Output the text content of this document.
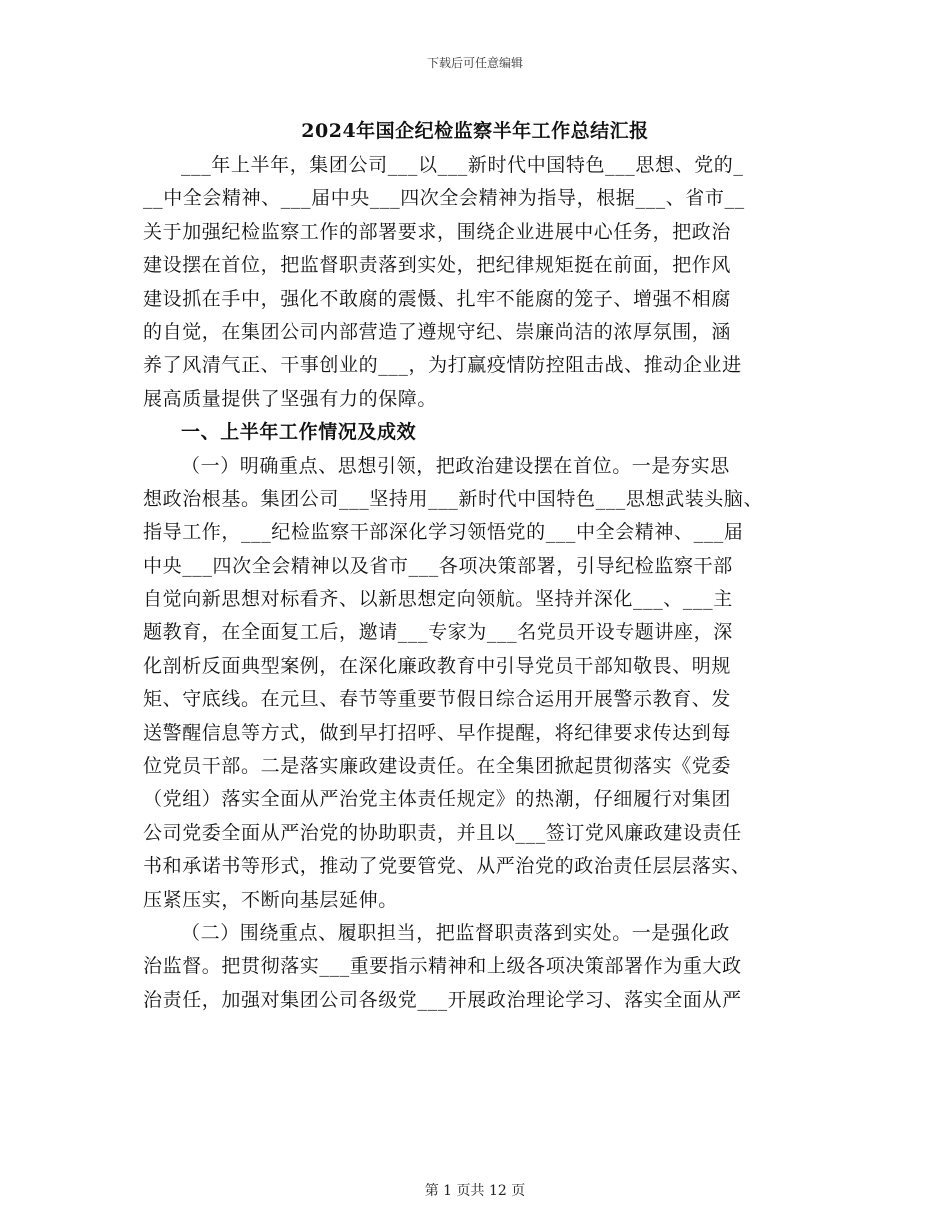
下载后可任意编辑
2024年国企纪检监察半年工作总结汇报
___年上半年，集团公司___以___新时代中国特色___思想、党的_
__中全会精神、___届中央___四次全会精神为指导，根据___、省市__
关于加强纪检监察工作的部署要求，围绕企业进展中心任务，把政治
建设摆在首位，把监督职责落到实处，把纪律规矩挺在前面，把作风
建设抓在手中，强化不敢腐的震慑、扎牢不能腐的笼子、增强不相腐
的自觉，在集团公司内部营造了遵规守纪、崇廉尚洁的浓厚氛围，涵
养了风清气正、干事创业的___，为打赢疫情防控阻击战、推动企业进
展高质量提供了坚强有力的保障。
一、上半年工作情况及成效
（一）明确重点、思想引领，把政治建设摆在首位。一是夯实思
想政治根基。集团公司___坚持用___新时代中国特色___思想武装头脑、
指导工作，___纪检监察干部深化学习领悟党的___中全会精神、___届
中央___四次全会精神以及省市___各项决策部署，引导纪检监察干部
自觉向新思想对标看齐、以新思想定向领航。坚持并深化___、___主
题教育，在全面复工后，邀请___专家为___名党员开设专题讲座，深
化剖析反面典型案例，在深化廉政教育中引导党员干部知敬畏、明规
矩、守底线。在元旦、春节等重要节假日综合运用开展警示教育、发
送警醒信息等方式，做到早打招呼、早作提醒，将纪律要求传达到每
位党员干部。二是落实廉政建设责任。在全集团掀起贯彻落实《党委
（党组）落实全面从严治党主体责任规定》的热潮，仔细履行对集团
公司党委全面从严治党的协助职责，并且以___签订党风廉政建设责任
书和承诺书等形式，推动了党要管党、从严治党的政治责任层层落实、
压紧压实，不断向基层延伸。
（二）围绕重点、履职担当，把监督职责落到实处。一是强化政
治监督。把贯彻落实___重要指示精神和上级各项决策部署作为重大政
治责任，加强对集团公司各级党___开展政治理论学习、落实全面从严
第 1 页共 12 页
